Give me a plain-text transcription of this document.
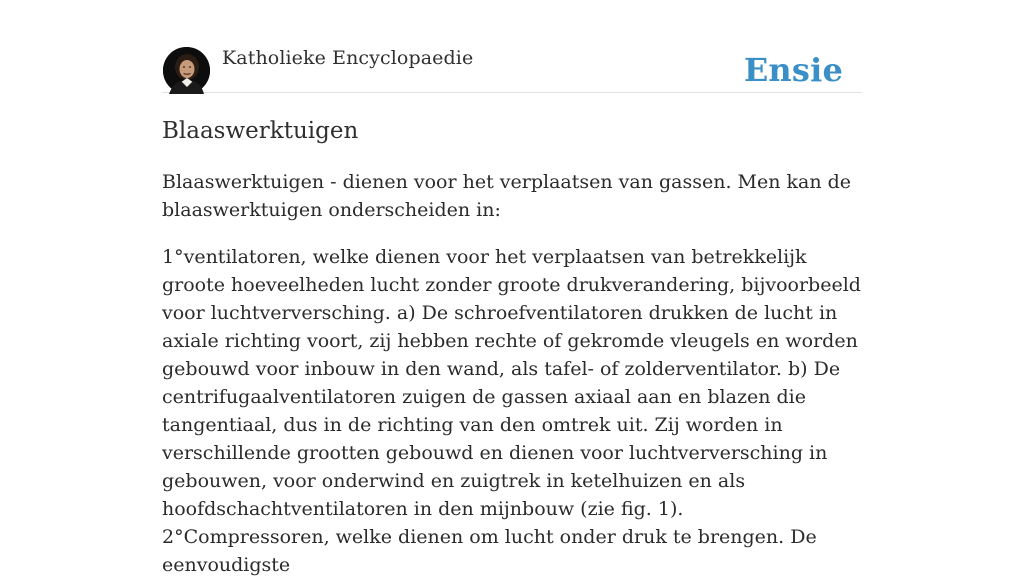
Katholieke Encyclopaedie	Ensie
Blaaswerktuigen

Blaaswerktuigen - dienen voor het verplaatsen van gassen. Men kan de blaaswerktuigen onderscheiden in:

1°ventilatoren, welke dienen voor het verplaatsen van betrekkelijk groote hoeveelheden lucht zonder groote drukverandering, bijvoorbeeld voor luchtverversching. a) De schroefventilatoren drukken de lucht in axiale richting voort, zij hebben rechte of gekromde vleugels en worden gebouwd voor inbouw in den wand, als tafel- of zolderventilator. b) De centrifugaalventilatoren zuigen de gassen axiaal aan en blazen die tangentiaal, dus in de richting van den omtrek uit. Zij worden in verschillende grootten gebouwd en dienen voor luchtverversching in gebouwen, voor onderwind en zuigtrek in ketelhuizen en als hoofdschachtventilatoren in den mijnbouw (zie fig. 1).

2°Compressoren, welke dienen om lucht onder druk te brengen. De eenvoudigste
